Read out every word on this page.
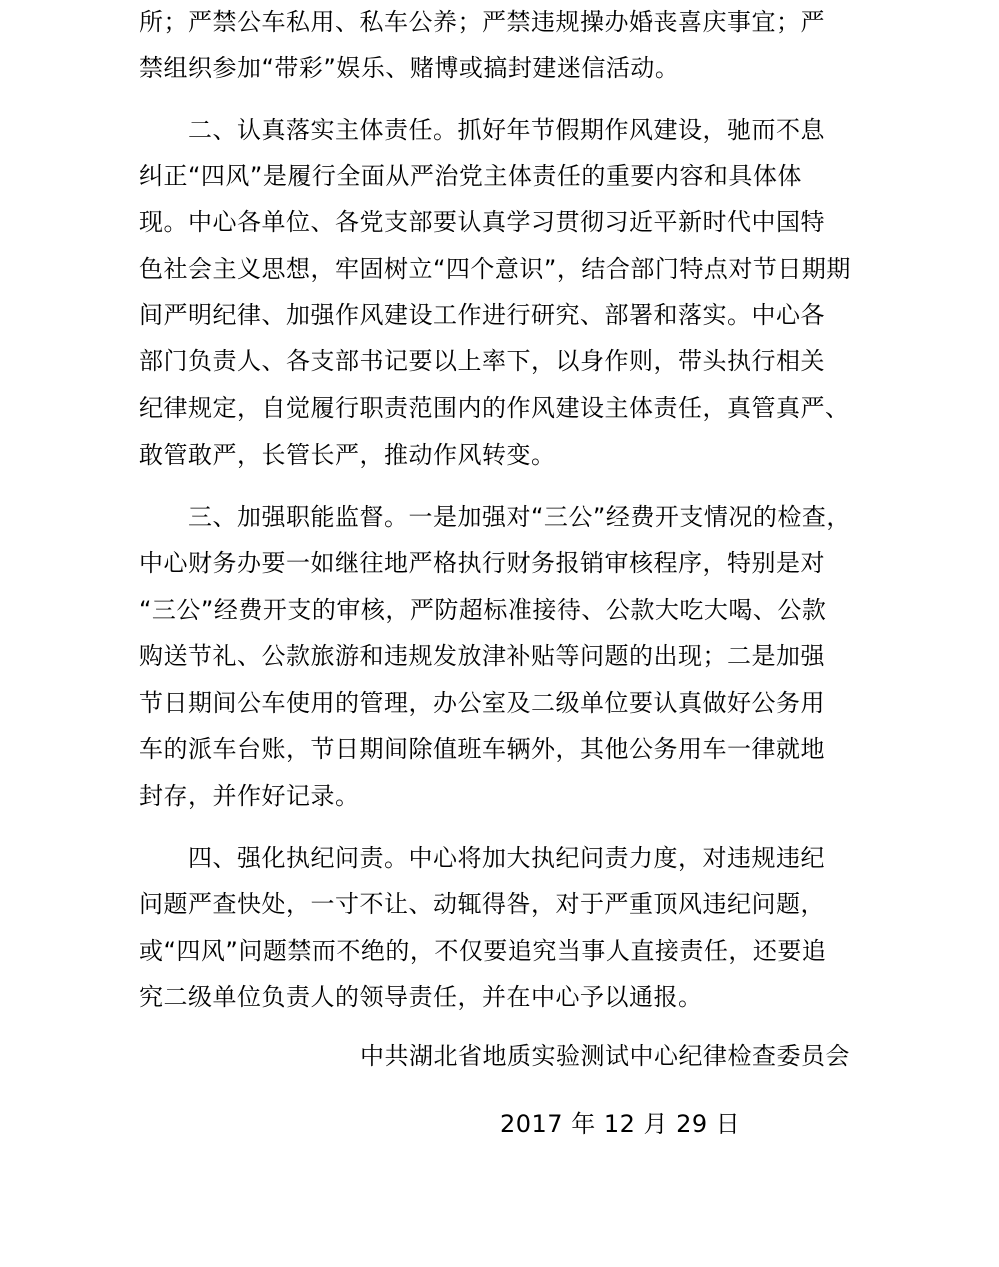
所；严禁公车私用、私车公养；严禁违规操办婚丧喜庆事宜；严
禁组织参加“带彩”娱乐、赌博或搞封建迷信活动。
二、认真落实主体责任。抓好年节假期作风建设，驰而不息
纠正“四风”是履行全面从严治党主体责任的重要内容和具体体
现。中心各单位、各党支部要认真学习贯彻习近平新时代中国特
色社会主义思想，牢固树立“四个意识”，结合部门特点对节日期期
间严明纪律、加强作风建设工作进行研究、部署和落实。中心各
部门负责人、各支部书记要以上率下，以身作则，带头执行相关
纪律规定，自觉履行职责范围内的作风建设主体责任，真管真严、
敢管敢严，长管长严，推动作风转变。
三、加强职能监督。一是加强对“三公”经费开支情况的检查，
中心财务办要一如继往地严格执行财务报销审核程序，特别是对
“三公”经费开支的审核，严防超标准接待、公款大吃大喝、公款
购送节礼、公款旅游和违规发放津补贴等问题的出现；二是加强
节日期间公车使用的管理，办公室及二级单位要认真做好公务用
车的派车台账，节日期间除值班车辆外，其他公务用车一律就地
封存，并作好记录。
四、强化执纪问责。中心将加大执纪问责力度，对违规违纪
问题严查快处，一寸不让、动辄得咎，对于严重顶风违纪问题，
或“四风”问题禁而不绝的，不仅要追究当事人直接责任，还要追
究二级单位负责人的领导责任，并在中心予以通报。
中共湖北省地质实验测试中心纪律检查委员会
2017 年 12 月 29 日
